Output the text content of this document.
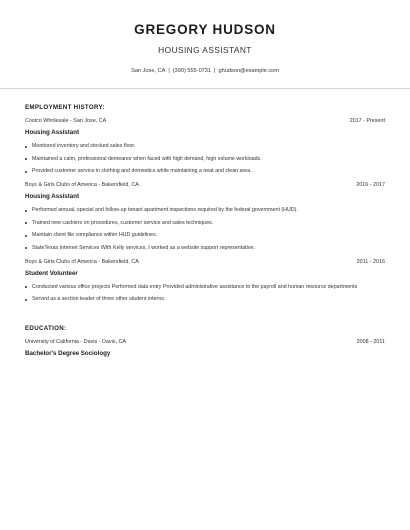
GREGORY HUDSON
HOUSING ASSISTANT
San Jose, CA | (390) 555-0731 | ghudson@example.com
EMPLOYMENT HISTORY:
Costco Wholesale - San Jose, CA	2017 - Present
Housing Assistant
Monitored inventory and stocked sales floor.
Maintained a calm, professional demeanor when faced with high demand, high volume workloads.
Provided customer service in clothing and domestics while maintaining a neat and clean area.
Boys & Girls Clubs of America - Bakersfield, CA	2016 - 2017
Housing Assistant
Performed annual, special and follow-up tenant apartment inspections required by the federal government (HUD).
Trained new cashiers on procedures, customer service and sales techniques.
Maintain client file compliance within HUD guidelines.
StateTexas Internet Services With Kelly services, I worked as a website support representative.
Boys & Girls Clubs of America - Bakersfield, CA	2011 - 2016
Student Volunteer
Conducted various office projects Performed data entry Provided administrative assistance to the payroll and human resource departments
Served as a section leader of three other student interns.
EDUCATION:
University of California - Davis - Davis, CA	2008 - 2011
Bachelor's Degree Sociology
